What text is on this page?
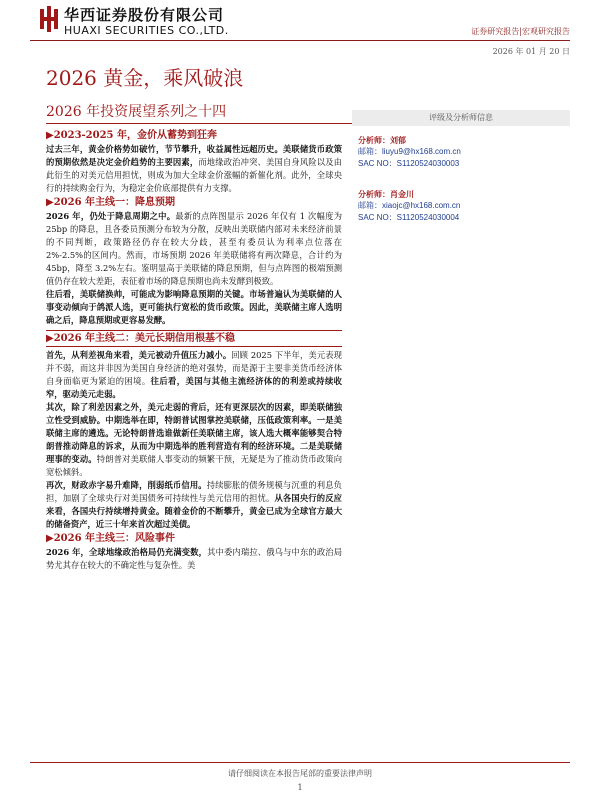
华西证券股份有限公司
HUAXI SECURITIES CO.,LTD.	证券研究报告|宏观研究报告
2026 年 01 月 20 日
2026 黄金，乘风破浪
2026 年投资展望系列之十四	评级及分析师信息
分析师：刘郁
邮箱：liuyu9@hx168.com.cn
SAC NO：S1120524030003
分析师：肖金川
邮箱：xiaojc@hx168.com.cn
SAC NO：S1120524030004
▶2023-2025 年，金价从蓄势到狂奔

过去三年，黄金价格势如破竹，节节攀升，收益属性远超历史。美联储货币政策的预期依然是决定金价趋势的主要因素，而地缘政治冲突、美国自身风险以及由此衍生的对美元信用担忧，则成为加大全球金价涨幅的新催化剂。此外，全球央行的持续购金行为，为稳定金价底部提供有力支撑。

▶2026 年主线一：降息预期

2026 年，仍处于降息周期之中。最新的点阵图显示 2026 年仅有 1 次幅度为 25bp 的降息，且各委员预测分布较为分散，反映出美联储内部对未来经济前景的不同判断，政策路径仍存在较大分歧，甚至有委员认为利率点位落在 2%-2.5%的区间内。然而，市场预期 2026 年美联储将有两次降息，合计约为 45bp，降至 3.2%左右。鉴明显高于美联储的降息预期，但与点阵图的极端预测值仍存在较大差距，表征着市场的降息预期也尚未发酵到极致。

往后看，美联储换帅，可能成为影响降息预期的关键。市场普遍认为美联储的人事变动倾向于鸽派人选，更可能执行宽松的货币政策。因此，美联储主席人选明确之后，降息预期或更容易发酵。

▶2026 年主线二：美元长期信用根基不稳

首先，从利差视角来看，美元被动升值压力减小。回顾 2025 下半年，美元表现并不弱，而这并非因为美国自身经济的绝对强势，而是源于主要非美货币经济体自身面临更为紧迫的困境。往后看，美国与其他主流经济体的的利差或持续收窄，驱动美元走弱。

其次，除了利差因素之外，美元走弱的背后，还有更深层次的因素，即美联储独立性受到威胁。中期选举在即，特朗普试图掌控美联储，压低政策利率。一是美联储主席的遴选。无论特朗普选谁做新任美联储主席，该人选大概率能够契合特朗普推动降息的诉求，从而为中期选举的胜利营造有利的经济环境。二是美联储理事的变动。特朗普对美联储人事变动的频繁干预，无疑是为了推动货币政策向宽松倾斜。

再次，财政赤字易升难降，削弱纸币信用。持续膨胀的债务规模与沉重的利息负担，加剧了全球央行对美国债务可持续性与美元信用的担忧。从各国央行的反应来看，各国央行持续增持黄金。随着金价的不断攀升，黄金已成为全球官方最大的储备资产，近三十年来首次超过美债。

▶2026 年主线三：风险事件

2026 年，全球地缘政治格局仍充满变数，其中委内瑞拉、俄乌与中东的政治局势尤其存在较大的不确定性与复杂性。美

请仔细阅读在本报告尾部的重要法律声明
1
